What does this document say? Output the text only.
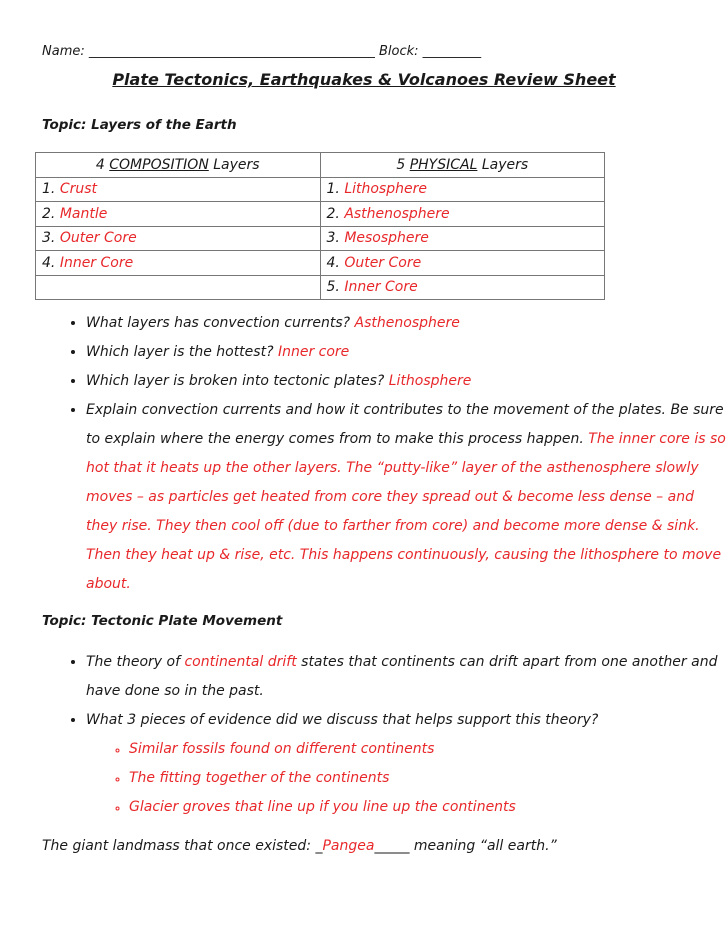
Name: ____________________________________________ Block: _________
Plate Tectonics, Earthquakes & Volcanoes Review Sheet
Topic: Layers of the Earth
4 COMPOSITION Layers	5 PHYSICAL Layers
1. Crust	1. Lithosphere
2. Mantle	2. Asthenosphere
3. Outer Core	3. Mesosphere
4. Inner Core	4. Outer Core
	5. Inner Core
• What layers has convection currents? Asthenosphere
• Which layer is the hottest? Inner core
• Which layer is broken into tectonic plates? Lithosphere
• Explain convection currents and how it contributes to the movement of the plates. Be sure to explain where the energy comes from to make this process happen. The inner core is so hot that it heats up the other layers. The “putty-like” layer of the asthenosphere slowly moves – as particles get heated from core they spread out & become less dense – and they rise. They then cool off (due to farther from core) and become more dense & sink. Then they heat up & rise, etc. This happens continuously, causing the lithosphere to move about.
Topic: Tectonic Plate Movement
• The theory of continental drift states that continents can drift apart from one another and have done so in the past.
• What 3 pieces of evidence did we discuss that helps support this theory?
◦ Similar fossils found on different continents
◦ The fitting together of the continents
◦ Glacier groves that line up if you line up the continents
The giant landmass that once existed: _Pangea_____ meaning “all earth.”
